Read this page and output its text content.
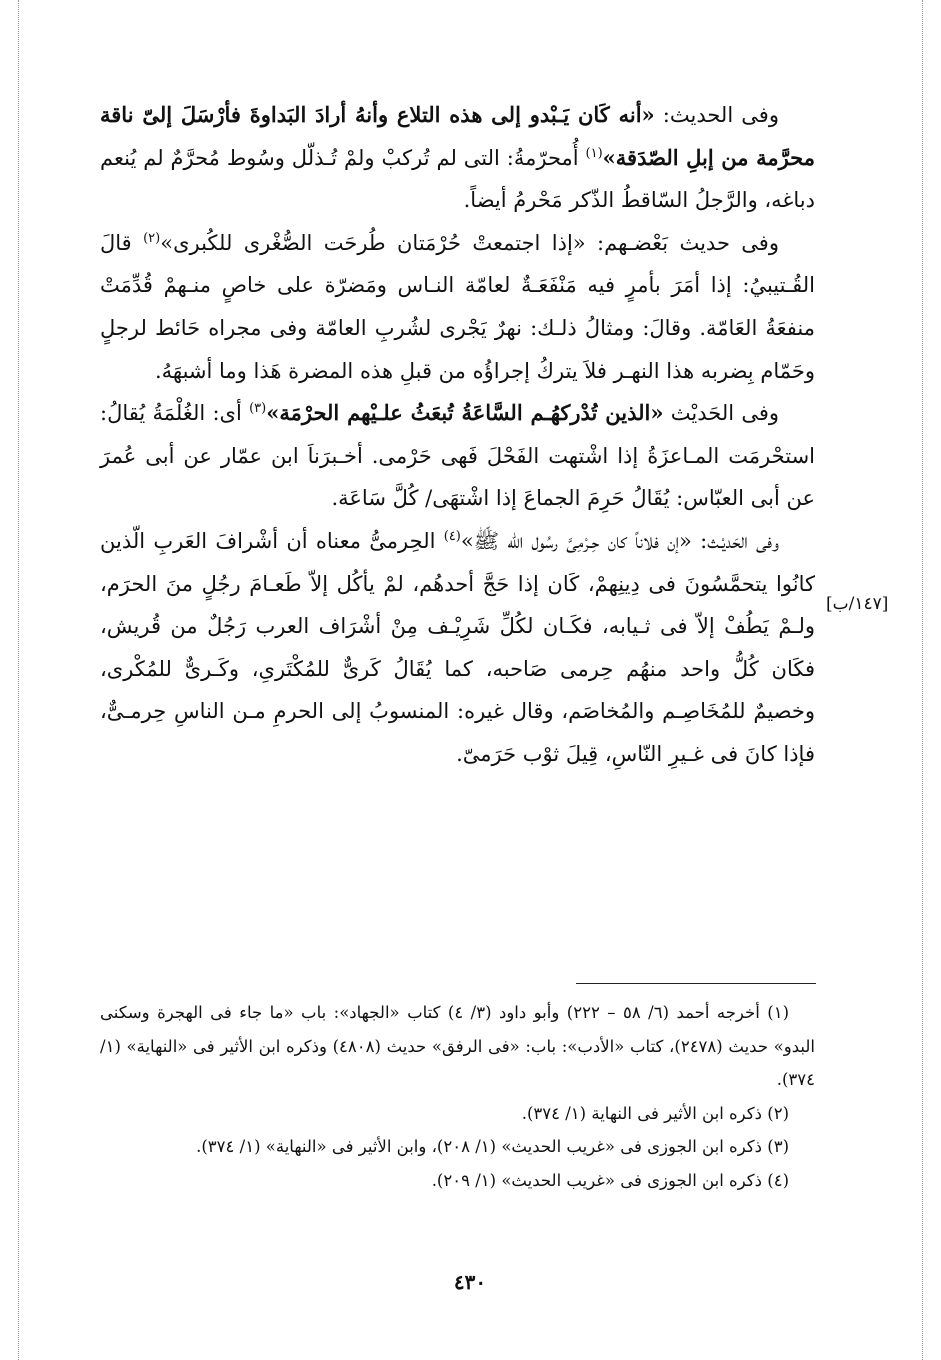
وفى الحديث: «أنه كَان يَـبْدو إلى هذه التلاع وأنهُ أرادَ البَداوةَ فأرْسَلَ إلىّ ناقة محرَّمة من إبلِ الصّدَقة»$^{(١)}$ أُمحرّمةُ: التى لم تُركبْ ولمْ تُـذلّل وسُوط مُحرَّمٌ لم يُنعم دباغه، والرَّجلُ السّاقطُ الذّكر مَحْرمُ أيضاً.

وفى حديث بَعْضـهم: «إذا اجتمعتْ حُرْمَتان طُرحَت الصُّغْرى للكُبرى»$^{(٢)}$ قالَ القُـتيبيُ: إذا أمَرَ بأمرٍ فيه مَنْفَعَـةٌ لعامّة النـاس ومَضرّة على خاصٍ منـهمْ قُدِّمَتْ منفعَةُ العَامّة. وقالَ: ومثالُ ذلـك: نهرٌ يَجْرى لشُربِ العامّة وفى مجراه حَائط لرجلٍ وحَمّام بِضربه هذا النهـر فلاَ يتركُ إجراؤُه من قبلِ هذه المضرة هَذا وما أشبهَهُ.

وفى الحَديْث «الذين تُدْركهُـم السَّاعَةُ تُبعَثُ علـيْهم الحرْمَة»$^{(٣)}$ أى: الغُلْمَةُ يُقالُ: استحْرمَت المـاعزَةُ إذا اشْتهت الفَحْلَ فَهى حَرْمى. أخـبرَناَ ابن عمّار عن أبى عُمرَ عن أبى العبّاس: يُقَالُ حَرِمَ الجماعَ إذا اشْتهَى/ كُلَّ سَاعَة.

وفى الحَديْـث: «إن فلاناً كان حِـرْمِىَّ رسُول الله ﷺ»$^{(٤)}$ الحِرمىُّ معناه أن أشْرافَ العَربِ الّذين كانُوا يتحمَّسُونَ فى دِينِهمْ، كَان إذا حَجَّ أحدهُم، لمْ يأكُل إلاّ طَعـامَ رجُلٍ منَ الحرَم، ولـمْ يَطُفْ إلاّ فى ثـيابه، فكَـان لكُلِّ شَرِيْـف مِنْ أشْرَاف العرب رَجُلٌ من قُريش، فكَان كُلُّ واحد منهُم حِرمى صَاحبه، كما يُقَالُ كَرىٌّ للمُكْتَرىِ، وكَـرىٌّ للمُكْرى، وخصيمٌ للمُخَاصِـم والمُخاصَم، وقال غيره: المنسوبُ إلى الحرمِ مـن الناسِ حِرمـىٌّ، فإذا كانَ فى غـيرِ النّاسِ، قِيلَ ثوْب حَرَمىّ.

[١٤٧/ب]

(١) أخرجه أحمد (٦/ ٥٨ – ٢٢٢) وأبو داود (٣/ ٤) كتاب «الجهاد»: باب «ما جاء فى الهجرة وسكنى البدو» حديث (٢٤٧٨)، كتاب «الأدب»: باب: «فى الرفق» حديث (٤٨٠٨) وذكره ابن الأثير فى «النهاية» (١/ ٣٧٤).

(٢) ذكره ابن الأثير فى النهاية (١/ ٣٧٤).

(٣) ذكره ابن الجوزى فى «غريب الحديث» (١/ ٢٠٨)، وابن الأثير فى «النهاية» (١/ ٣٧٤).

(٤) ذكره ابن الجوزى فى «غريب الحديث» (١/ ٢٠٩).

٤٣٠
